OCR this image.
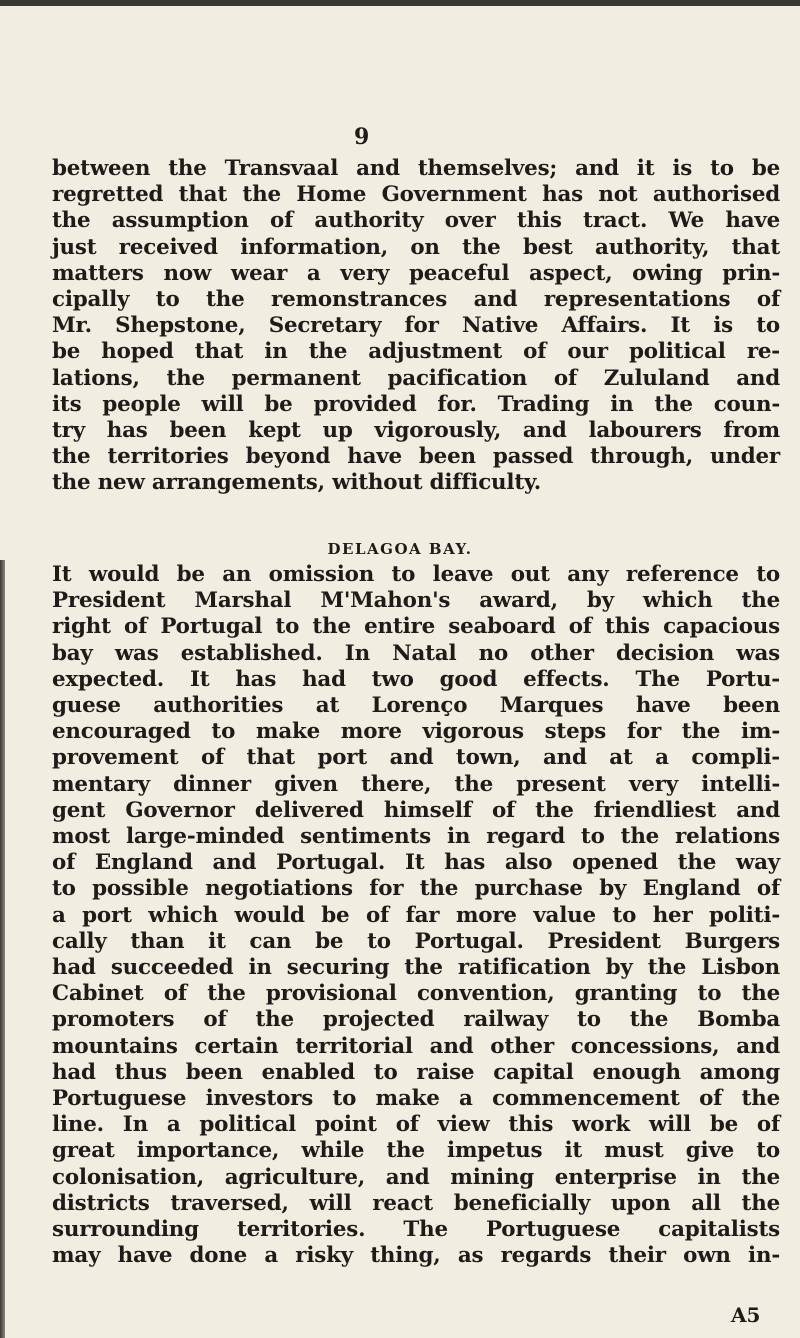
9
between the Transvaal and themselves; and it is to be
regretted that the Home Government has not authorised
the assumption of authority over this tract. We have
just received information, on the best authority, that
matters now wear a very peaceful aspect, owing prin-
cipally to the remonstrances and representations of
Mr. Shepstone, Secretary for Native Affairs. It is to
be hoped that in the adjustment of our political re-
lations, the permanent pacification of Zululand and
its people will be provided for. Trading in the coun-
try has been kept up vigorously, and labourers from
the territories beyond have been passed through, under
the new arrangements, without difficulty.
DELAGOA BAY.
It would be an omission to leave out any reference to
President Marshal M'Mahon's award, by which the
right of Portugal to the entire seaboard of this capacious
bay was established. In Natal no other decision was
expected. It has had two good effects. The Portu-
guese authorities at Lorenço Marques have been
encouraged to make more vigorous steps for the im-
provement of that port and town, and at a compli-
mentary dinner given there, the present very intelli-
gent Governor delivered himself of the friendliest and
most large-minded sentiments in regard to the relations
of England and Portugal. It has also opened the way
to possible negotiations for the purchase by England of
a port which would be of far more value to her politi-
cally than it can be to Portugal. President Burgers
had succeeded in securing the ratification by the Lisbon
Cabinet of the provisional convention, granting to the
promoters of the projected railway to the Bomba
mountains certain territorial and other concessions, and
had thus been enabled to raise capital enough among
Portuguese investors to make a commencement of the
line. In a political point of view this work will be of
great importance, while the impetus it must give to
colonisation, agriculture, and mining enterprise in the
districts traversed, will react beneficially upon all the
surrounding territories. The Portuguese capitalists
may have done a risky thing, as regards their own in-
A5
